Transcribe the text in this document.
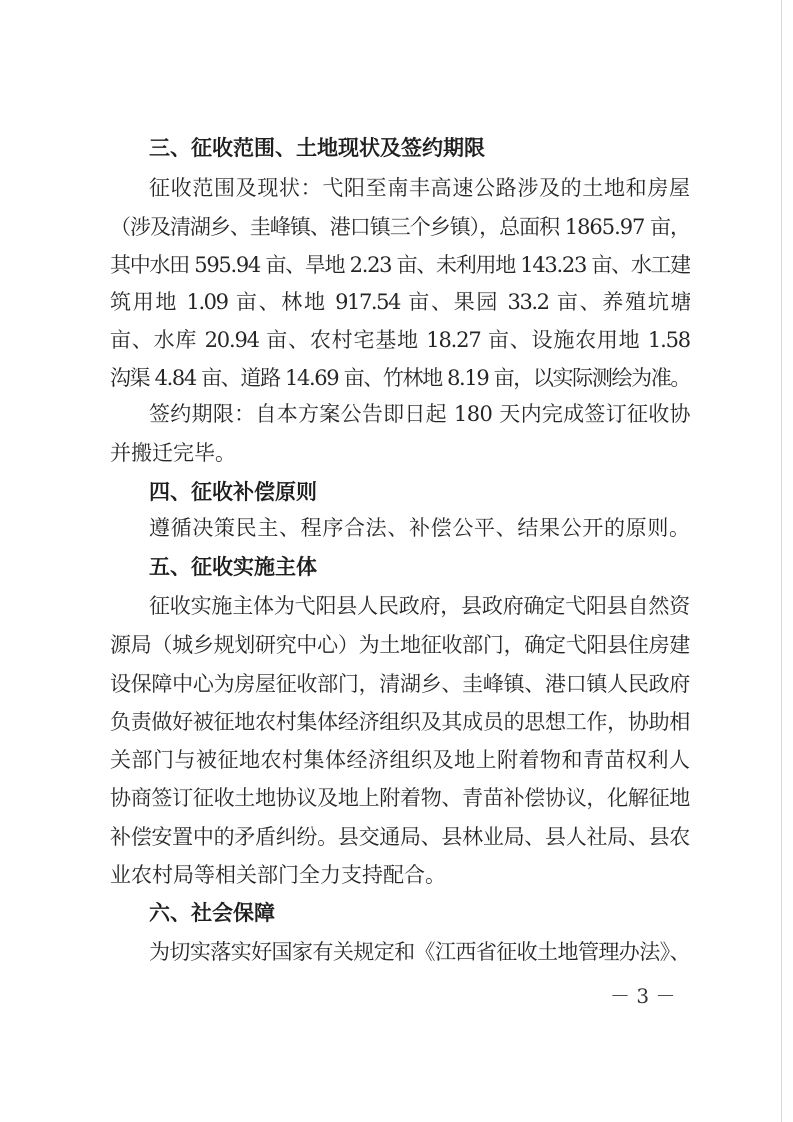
三、征收范围、土地现状及签约期限
征收范围及现状：弋阳至南丰高速公路涉及的土地和房屋
（涉及清湖乡、圭峰镇、港口镇三个乡镇），总面积 1865.97 亩，
其中水田 595.94 亩、旱地 2.23 亩、未利用地 143.23 亩、水工建
筑用地 1.09 亩、林地 917.54 亩、果园 33.2 亩、养殖坑塘
亩、水库 20.94 亩、农村宅基地 18.27 亩、设施农用地 1.58
沟渠 4.84 亩、道路 14.69 亩、竹林地 8.19 亩，以实际测绘为准。
签约期限：自本方案公告即日起 180 天内完成签订征收协
并搬迁完毕。
四、征收补偿原则
遵循决策民主、程序合法、补偿公平、结果公开的原则。
五、征收实施主体
征收实施主体为弋阳县人民政府，县政府确定弋阳县自然资
源局（城乡规划研究中心）为土地征收部门，确定弋阳县住房建
设保障中心为房屋征收部门，清湖乡、圭峰镇、港口镇人民政府
负责做好被征地农村集体经济组织及其成员的思想工作，协助相
关部门与被征地农村集体经济组织及地上附着物和青苗权利人
协商签订征收土地协议及地上附着物、青苗补偿协议，化解征地
补偿安置中的矛盾纠纷。县交通局、县林业局、县人社局、县农
业农村局等相关部门全力支持配合。
六、社会保障
为切实落实好国家有关规定和《江西省征收土地管理办法》、
－ 3 －
